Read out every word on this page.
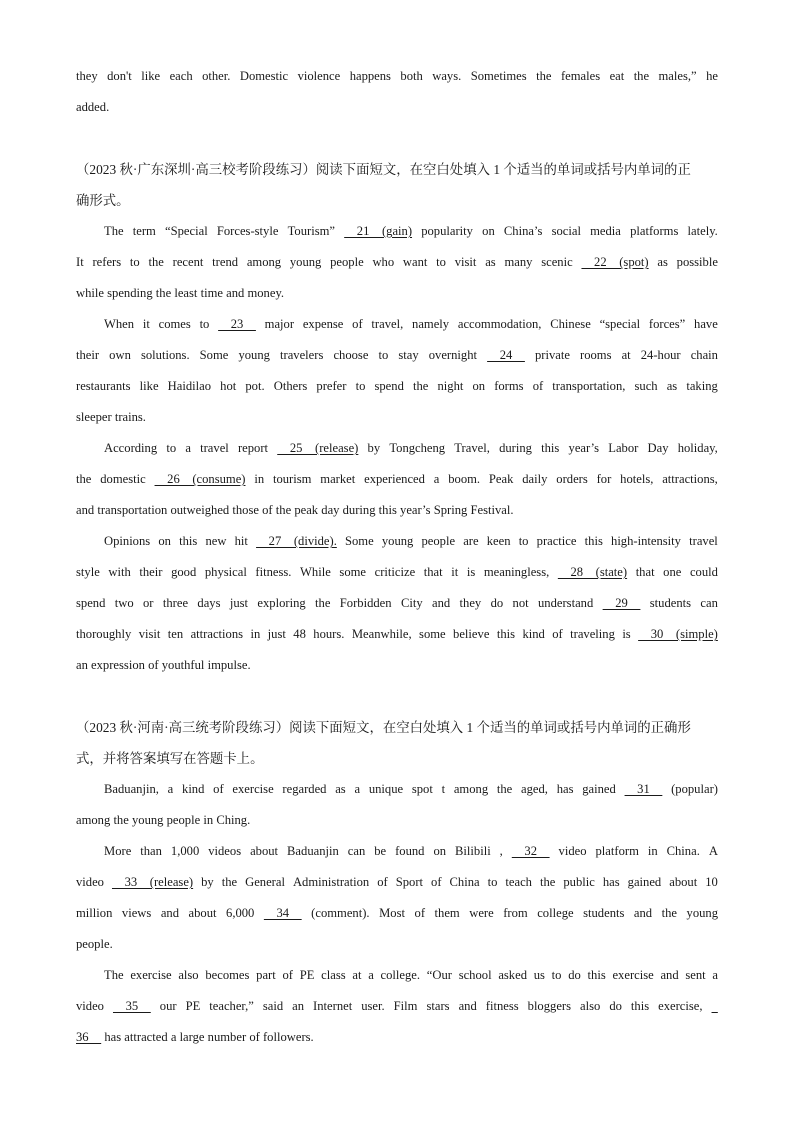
they don't like each other. Domestic violence happens both ways. Sometimes the females eat the males,” he
added.
（2023 秋·广东深圳·高三校考阶段练习）阅读下面短文，在空白处填入 1 个适当的单词或括号内单词的正
确形式。
The term “Special Forces-style Tourism” 21    (gain) popularity on China’s social media platforms lately.
It refers to the recent trend among young people who want to visit as many scenic 22    (spot) as possible
while
spending
the
least
time
and
money.
When it comes to 23 major expense of travel, namely accommodation, Chinese “special forces” have
their own solutions. Some young travelers choose to stay overnight 24 private rooms at 24-hour chain
restaurants like Haidilao hot pot. Others prefer to spend the night on forms of transportation, such as taking
sleeper
trains.
According to a travel report 25    (release) by Tongcheng Travel, during this year’s Labor Day holiday,
the domestic 26    (consume) in tourism market experienced a boom. Peak daily orders for hotels, attractions,
and
transportation
outweighed
those
of
the
peak
day
during
this
year’s
Spring
Festival.
Opinions on this new hit 27    (divide). Some young people are keen to practice this high-intensity travel
style with their good physical fitness. While some criticize that it is meaningless, 28    (state) that one could
spend two or three days just exploring the Forbidden City and they do not understand 29 students can
thoroughly visit ten attractions in just 48 hours. Meanwhile, some believe this kind of traveling is 30    (simple)
an
expression
of
youthful
impulse.
（2023 秋·河南·高三统考阶段练习）阅读下面短文，在空白处填入 1 个适当的单词或括号内单词的正确形
式，并将答案填写在答题卡上。
Baduanjin, a kind of exercise regarded as a unique spot t among the aged, has gained 31 (popular)
among
the
young
people
in
Ching.
More than 1,000 videos about Baduanjin can be found on Bilibili , 32 video platform in China. A
video 33    (release) by the General Administration of Sport of China to teach the public has gained about 10
million views and about 6,000 34 (comment). Most of them were from college students and the young
people.
The exercise also becomes part of PE class at a college. “Our school asked us to do this exercise and sent a
video 35 our PE teacher,” said an Internet user. Film stars and fitness bloggers also do this exercise,

36
has
attracted
a
large
number
of
followers.
